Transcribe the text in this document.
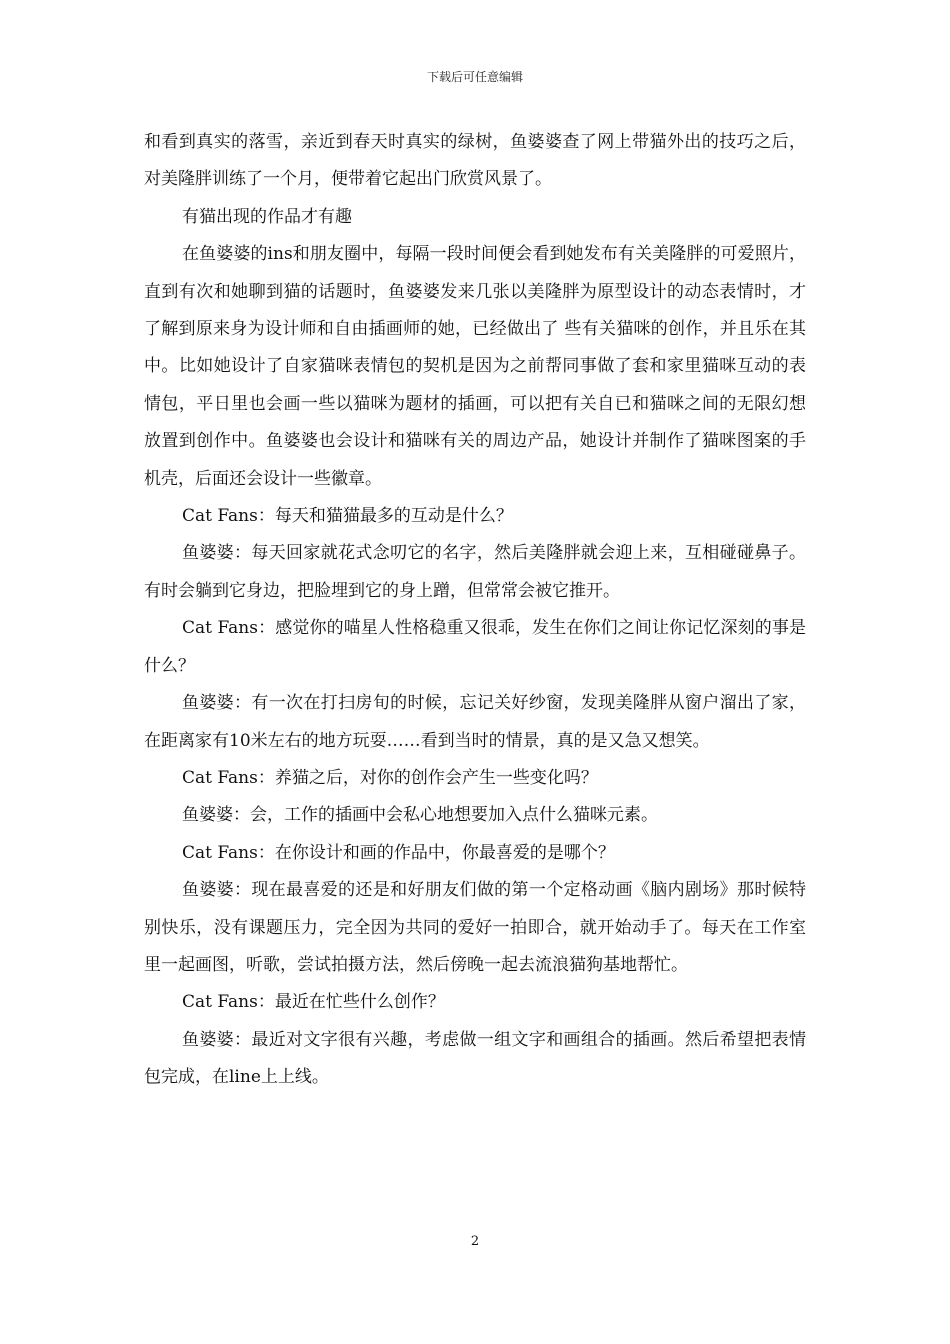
下载后可任意编辑

和看到真实的落雪，亲近到春天时真实的绿树，鱼婆婆查了网上带猫外出的技巧之后，对美隆胖训练了一个月，便带着它起出门欣赏风景了。

有猫出现的作品才有趣

在鱼婆婆的ins和朋友圈中，每隔一段时间便会看到她发布有关美隆胖的可爱照片， 直到有次和她聊到猫的话题时，鱼婆婆发来几张以美隆胖为原型设计的动态表情时，才了解到原来身为设计师和自由插画师的她，已经做出了 些有关猫咪的创作，并且乐在其中。比如她设计了自家猫咪表情包的契机是因为之前帮同事做了套和家里猫咪互动的表情包，平日里也会画一些以猫咪为题材的插画，可以把有关自已和猫咪之间的无限幻想放置到创作中。鱼婆婆也会设计和猫咪有关的周边产品，她设计并制作了猫咪图案的手机壳，后面还会设计一些徽章。

Cat Fans：每天和猫猫最多的互动是什么？

鱼婆婆：每天回家就花式念叨它的名字，然后美隆胖就会迎上来，互相碰碰鼻子。有时会躺到它身边，把脸埋到它的身上蹭，但常常会被它推开。

Cat Fans：感觉你的喵星人性格稳重又很乖，发生在你们之间让你记忆深刻的事是什么？

鱼婆婆：有一次在打扫房旬的时候，忘记关好纱窗，发现美隆胖从窗户溜出了家，在距离家有10米左右的地方玩耍……看到当时的情景，真的是又急又想笑。

Cat Fans：养猫之后，对你的创作会产生一些变化吗？

鱼婆婆：会，工作的插画中会私心地想要加入点什么猫咪元素。

Cat Fans：在你设计和画的作品中，你最喜爱的是哪个？

鱼婆婆：现在最喜爱的还是和好朋友们做的第一个定格动画《脑内剧场》那时候特别快乐，没有课题压力，完全因为共同的爱好一拍即合，就开始动手了。每天在工作室里一起画图，听歌，尝试拍摄方法，然后傍晚一起去流浪猫狗基地帮忙。

Cat Fans：最近在忙些什么创作？

鱼婆婆：最近对文字很有兴趣，考虑做一组文字和画组合的插画。然后希望把表情包完成，在line上上线。

2
